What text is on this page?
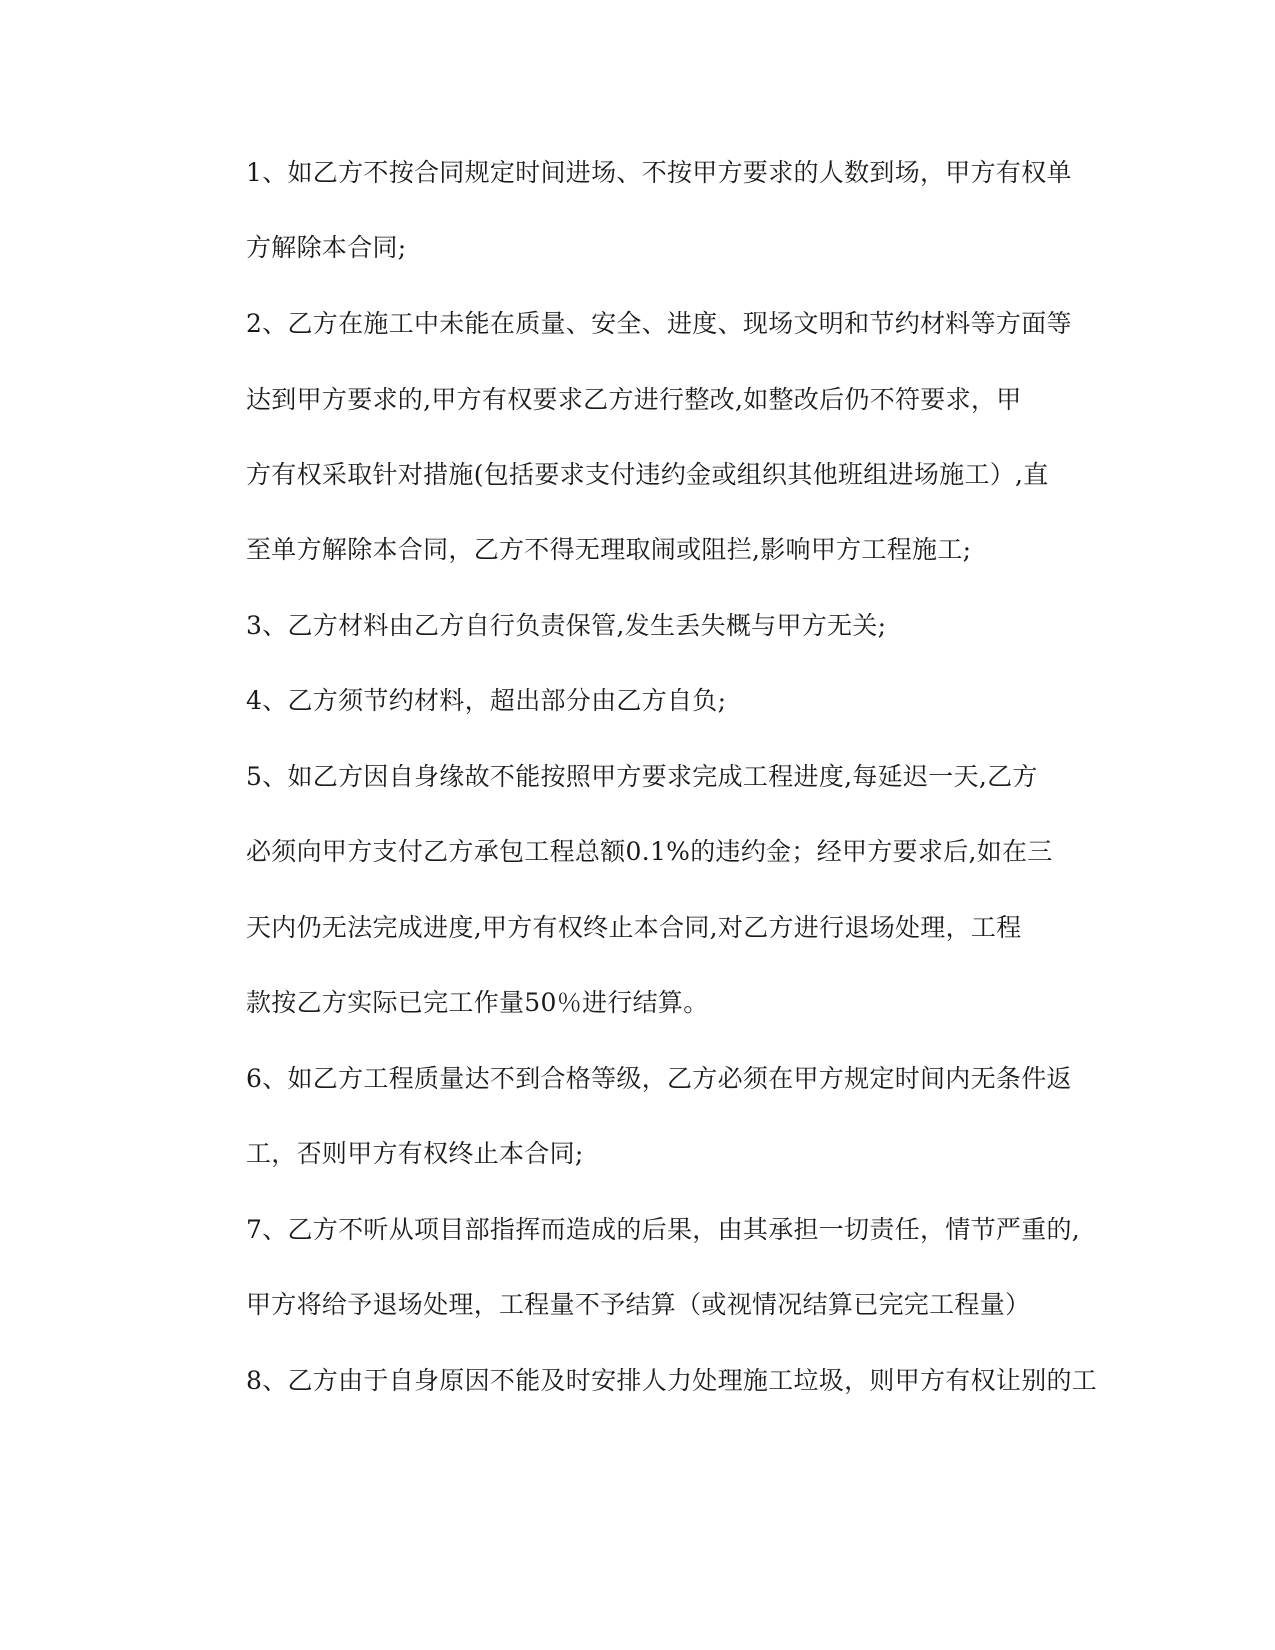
1、如乙方不按合同规定时间进场、不按甲方要求的人数到场，甲方有权单

方解除本合同;

2、乙方在施工中未能在质量、安全、进度、现场文明和节约材料等方面等

达到甲方要求的,甲方有权要求乙方进行整改,如整改后仍不符要求，甲

方有权采取针对措施(包括要求支付违约金或组织其他班组进场施工）,直

至单方解除本合同，乙方不得无理取闹或阻拦,影响甲方工程施工;

3、乙方材料由乙方自行负责保管,发生丢失概与甲方无关;

4、乙方须节约材料，超出部分由乙方自负;

5、如乙方因自身缘故不能按照甲方要求完成工程进度,每延迟一天,乙方

必须向甲方支付乙方承包工程总额0.1%的违约金；经甲方要求后,如在三

天内仍无法完成进度,甲方有权终止本合同,对乙方进行退场处理，工程

款按乙方实际已完工作量50％进行结算。

6、如乙方工程质量达不到合格等级，乙方必须在甲方规定时间内无条件返

工，否则甲方有权终止本合同;

7、乙方不听从项目部指挥而造成的后果，由其承担一切责任，情节严重的,

甲方将给予退场处理，工程量不予结算（或视情况结算已完完工程量）

8、乙方由于自身原因不能及时安排人力处理施工垃圾，则甲方有权让别的工
